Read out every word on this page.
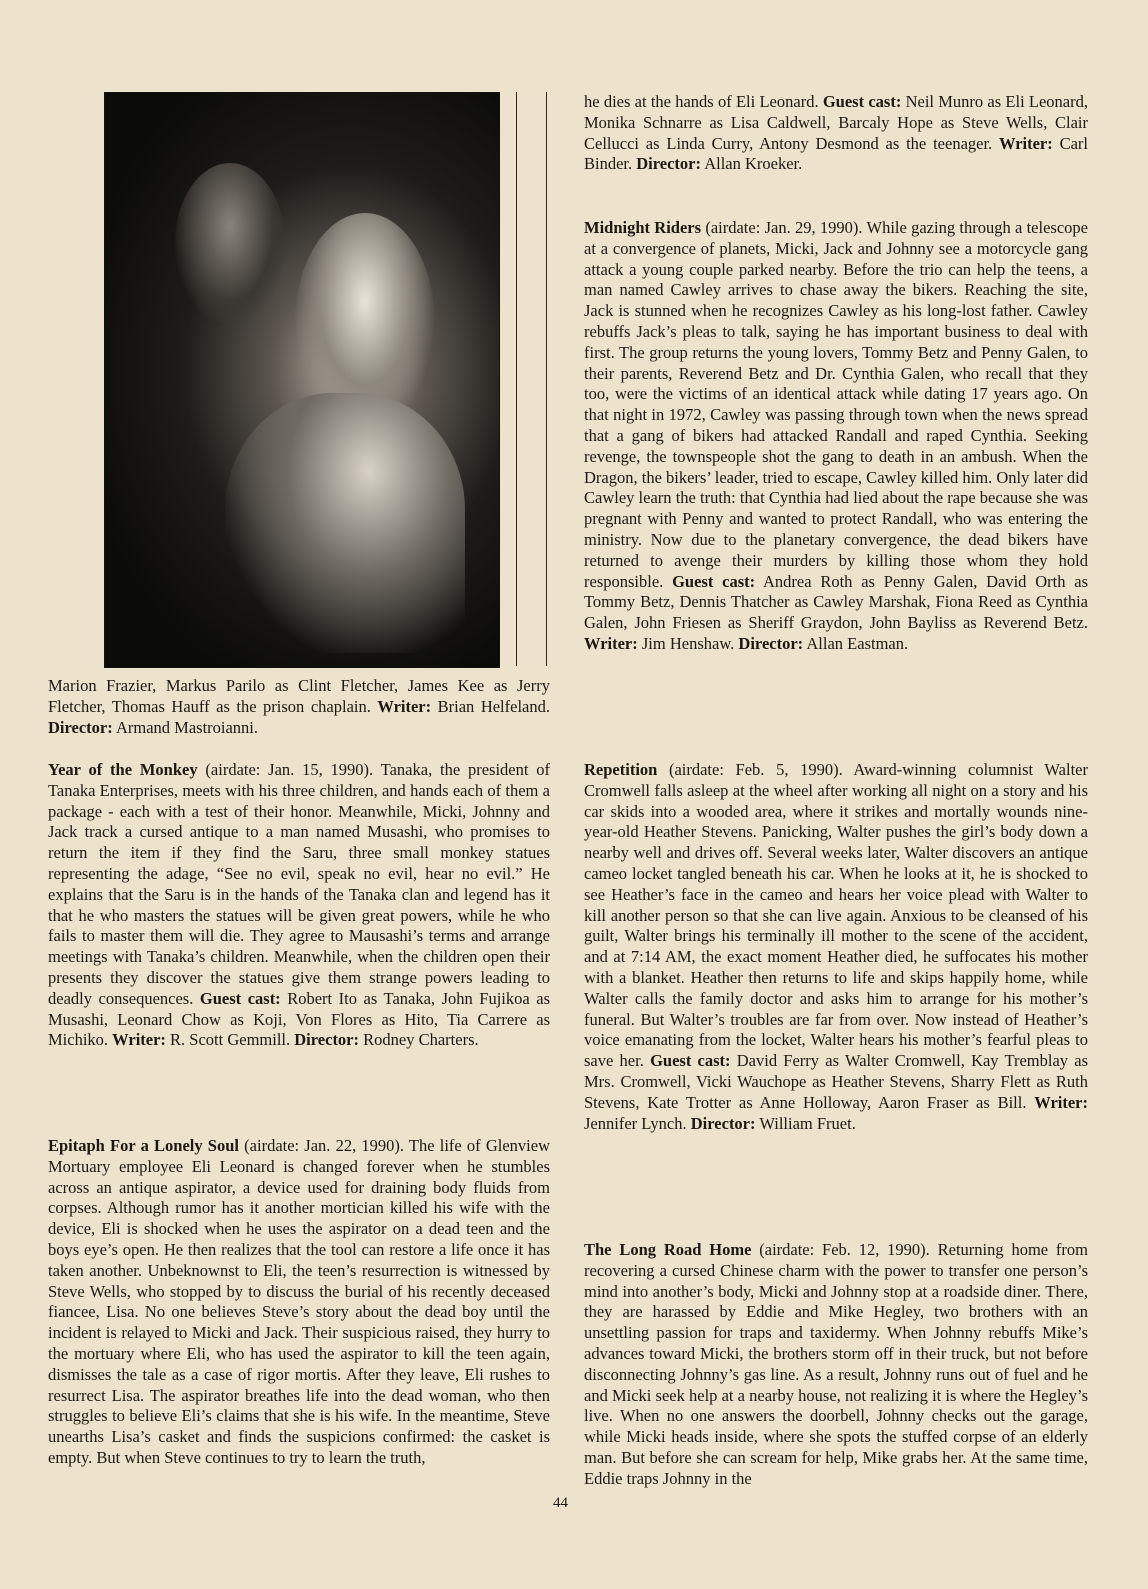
Marion Frazier, Markus Parilo as Clint Fletcher, James Kee as Jerry Fletcher, Thomas Hauff as the prison chaplain. Writer: Brian Helfeland. Director: Armand Mastroianni.

Year of the Monkey (airdate: Jan. 15, 1990). Tanaka, the president of Tanaka Enterprises, meets with his three children, and hands each of them a package - each with a test of their honor. Meanwhile, Micki, Johnny and Jack track a cursed antique to a man named Musashi, who promises to return the item if they find the Saru, three small monkey statues representing the adage, “See no evil, speak no evil, hear no evil.” He explains that the Saru is in the hands of the Tanaka clan and legend has it that he who masters the statues will be given great powers, while he who fails to master them will die. They agree to Mausashi’s terms and arrange meetings with Tanaka’s children. Meanwhile, when the children open their presents they discover the statues give them strange powers leading to deadly consequences. Guest cast: Robert Ito as Tanaka, John Fujikoa as Musashi, Leonard Chow as Koji, Von Flores as Hito, Tia Carrere as Michiko. Writer: R. Scott Gemmill. Director: Rodney Charters.

Epitaph For a Lonely Soul (airdate: Jan. 22, 1990). The life of Glenview Mortuary employee Eli Leonard is changed forever when he stumbles across an antique aspirator, a device used for draining body fluids from corpses. Although rumor has it another mortician killed his wife with the device, Eli is shocked when he uses the aspirator on a dead teen and the boys eye’s open. He then realizes that the tool can restore a life once it has taken another. Unbeknownst to Eli, the teen’s resurrection is witnessed by Steve Wells, who stopped by to discuss the burial of his recently deceased fiancee, Lisa. No one believes Steve’s story about the dead boy until the incident is relayed to Micki and Jack. Their suspicious raised, they hurry to the mortuary where Eli, who has used the aspirator to kill the teen again, dismisses the tale as a case of rigor mortis. After they leave, Eli rushes to resurrect Lisa. The aspirator breathes life into the dead woman, who then struggles to believe Eli’s claims that she is his wife. In the meantime, Steve unearths Lisa’s casket and finds the suspicions confirmed: the casket is empty. But when Steve continues to try to learn the truth,

44

he dies at the hands of Eli Leonard. Guest cast: Neil Munro as Eli Leonard, Monika Schnarre as Lisa Caldwell, Barcaly Hope as Steve Wells, Clair Cellucci as Linda Curry, Antony Desmond as the teenager. Writer: Carl Binder. Director: Allan Kroeker.

Midnight Riders (airdate: Jan. 29, 1990). While gazing through a telescope at a convergence of planets, Micki, Jack and Johnny see a motorcycle gang attack a young couple parked nearby. Before the trio can help the teens, a man named Cawley arrives to chase away the bikers. Reaching the site, Jack is stunned when he recognizes Cawley as his long-lost father. Cawley rebuffs Jack’s pleas to talk, saying he has important business to deal with first. The group returns the young lovers, Tommy Betz and Penny Galen, to their parents, Reverend Betz and Dr. Cynthia Galen, who recall that they too, were the victims of an identical attack while dating 17 years ago. On that night in 1972, Cawley was passing through town when the news spread that a gang of bikers had attacked Randall and raped Cynthia. Seeking revenge, the townspeople shot the gang to death in an ambush. When the Dragon, the bikers’ leader, tried to escape, Cawley killed him. Only later did Cawley learn the truth: that Cynthia had lied about the rape because she was pregnant with Penny and wanted to protect Randall, who was entering the ministry. Now due to the planetary convergence, the dead bikers have returned to avenge their murders by killing those whom they hold responsible. Guest cast: Andrea Roth as Penny Galen, David Orth as Tommy Betz, Dennis Thatcher as Cawley Marshak, Fiona Reed as Cynthia Galen, John Friesen as Sheriff Graydon, John Bayliss as Reverend Betz. Writer: Jim Henshaw. Director: Allan Eastman.

Repetition (airdate: Feb. 5, 1990). Award-winning columnist Walter Cromwell falls asleep at the wheel after working all night on a story and his car skids into a wooded area, where it strikes and mortally wounds nine-year-old Heather Stevens. Panicking, Walter pushes the girl’s body down a nearby well and drives off. Several weeks later, Walter discovers an antique cameo locket tangled beneath his car. When he looks at it, he is shocked to see Heather’s face in the cameo and hears her voice plead with Walter to kill another person so that she can live again. Anxious to be cleansed of his guilt, Walter brings his terminally ill mother to the scene of the accident, and at 7:14 AM, the exact moment Heather died, he suffocates his mother with a blanket. Heather then returns to life and skips happily home, while Walter calls the family doctor and asks him to arrange for his mother’s funeral. But Walter’s troubles are far from over. Now instead of Heather’s voice emanating from the locket, Walter hears his mother’s fearful pleas to save her. Guest cast: David Ferry as Walter Cromwell, Kay Tremblay as Mrs. Cromwell, Vicki Wauchope as Heather Stevens, Sharry Flett as Ruth Stevens, Kate Trotter as Anne Holloway, Aaron Fraser as Bill. Writer: Jennifer Lynch. Director: William Fruet.

The Long Road Home (airdate: Feb. 12, 1990). Returning home from recovering a cursed Chinese charm with the power to transfer one person’s mind into another’s body, Micki and Johnny stop at a roadside diner. There, they are harassed by Eddie and Mike Hegley, two brothers with an unsettling passion for traps and taxidermy. When Johnny rebuffs Mike’s advances toward Micki, the brothers storm off in their truck, but not before disconnecting Johnny’s gas line. As a result, Johnny runs out of fuel and he and Micki seek help at a nearby house, not realizing it is where the Hegley’s live. When no one answers the doorbell, Johnny checks out the garage, while Micki heads inside, where she spots the stuffed corpse of an elderly man. But before she can scream for help, Mike grabs her. At the same time, Eddie traps Johnny in the
